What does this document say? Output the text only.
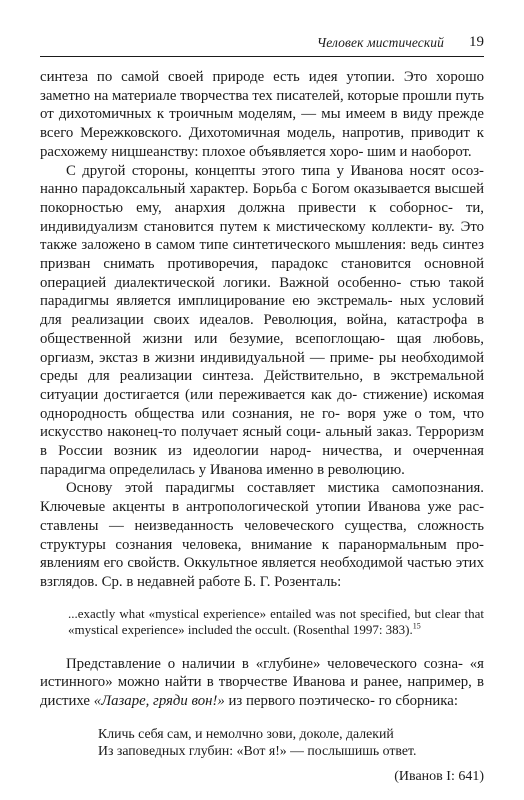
Человек мистический 19

синтеза по самой своей природе есть идея утопии. Это хорошо заметно на материале творчества тех писателей, которые прошли путь от дихотомичных к троичным моделям, — мы имеем в виду прежде всего Мережковского. Дихотомичная модель, напротив, приводит к расхожему ницшеанству: плохое объявляется хоро- шим и наоборот.

С другой стороны, концепты этого типа у Иванова носят осоз- нанно парадоксальный характер. Борьба с Богом оказывается высшей покорностью ему, анархия должна привести к соборнос- ти, индивидуализм становится путем к мистическому коллекти- ву. Это также заложено в самом типе синтетического мышления: ведь синтез призван снимать противоречия, парадокс становится основной операцией диалектической логики. Важной особенно- стью такой парадигмы является имплицирование ею экстремаль- ных условий для реализации своих идеалов. Революция, война, катастрофа в общественной жизни или безумие, всепоглощаю- щая любовь, оргиазм, экстаз в жизни индивидуальной — приме- ры необходимой среды для реализации синтеза. Действительно, в экстремальной ситуации достигается (или переживается как до- стижение) искомая однородность общества или сознания, не го- воря уже о том, что искусство наконец-то получает ясный соци- альный заказ. Терроризм в России возник из идеологии народ- ничества, и очерченная парадигма определилась у Иванова именно в революцию.

Основу этой парадигмы составляет мистика самопознания. Ключевые акценты в антропологической утопии Иванова уже рас- ставлены — неизведанность человеческого существа, сложность структуры сознания человека, внимание к паранормальным про- явлениям его свойств. Оккультное является необходимой частью этих взглядов. Ср. в недавней работе Б. Г. Розенталь:

...exactly what «mystical experience» entailed was not specified, but clear that «mystical experience» included the occult. (Rosenthal 1997: 383).$^{15}$

Представление о наличии в «глубине» человеческого созна- «я истинного» можно найти в творчестве Иванова и ранее, например, в дистихе «Лазаре, гряди вон!» из первого поэтическо- го сборника:

Кличь себя сам, и немолчно зови, доколе, далекий
Из заповедных глубин: «Вот я!» — послышишь ответ.
(Иванов I: 641)
